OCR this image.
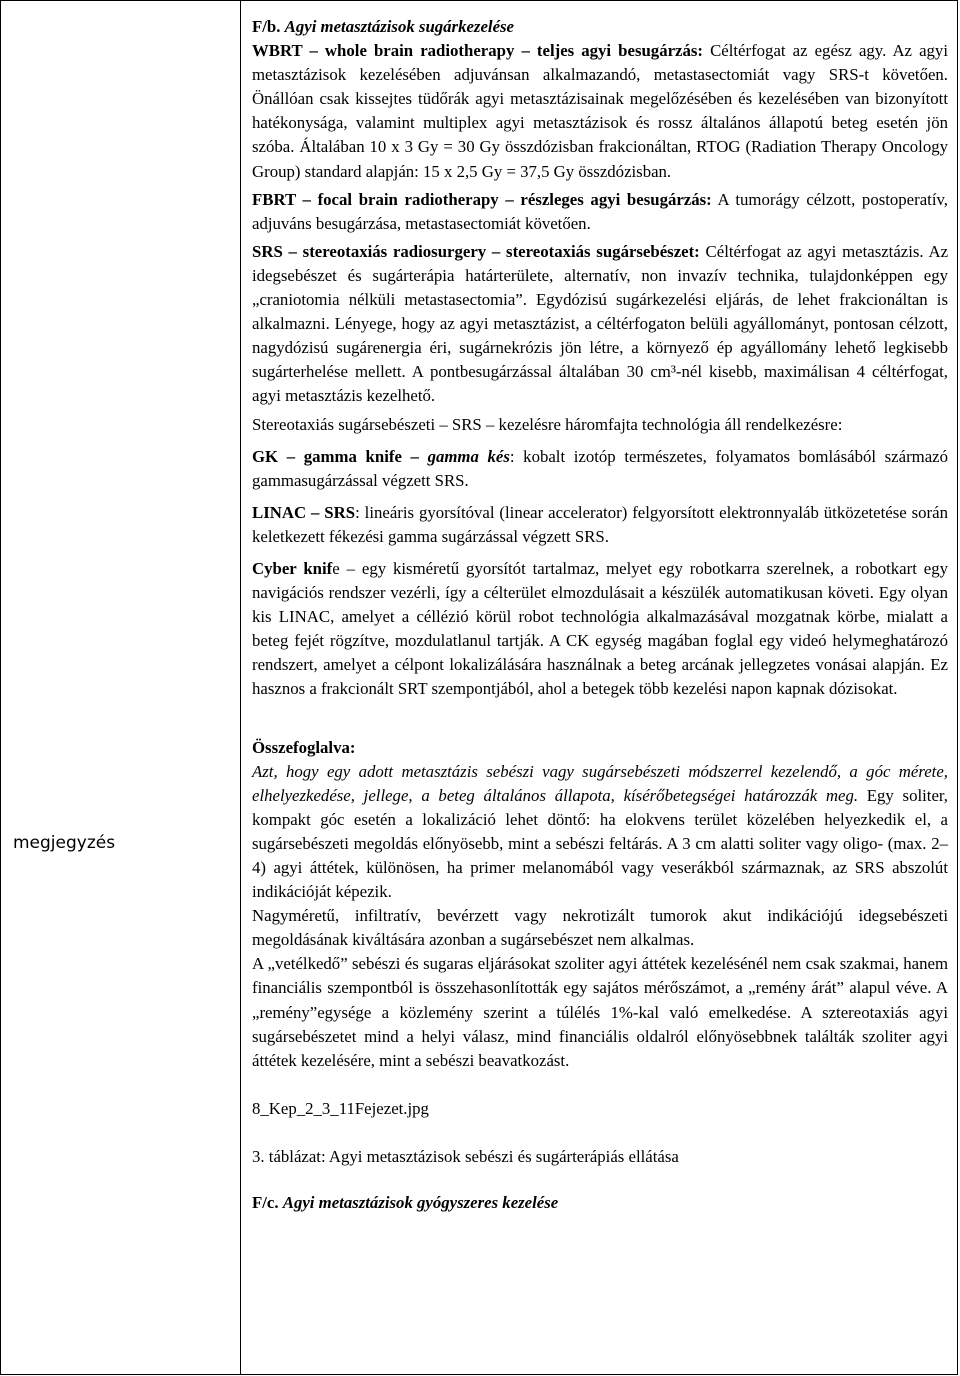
megjegyzés

F/b. Agyi metasztázisok sugárkezelése

WBRT – whole brain radiotherapy – teljes agyi besugárzás: Céltérfogat az egész agy. Az agyi metasztázisok kezelésében adjuvánsan alkalmazandó, metastasectomiát vagy SRS-t követően. Önállóan csak kissejtes tüdőrák agyi metasztázisainak megelőzésében és kezelésében van bizonyított hatékonysága, valamint multiplex agyi metasztázisok és rossz általános állapotú beteg esetén jön szóba. Általában 10 x 3 Gy = 30 Gy összdózisban frakcionáltan, RTOG (Radiation Therapy Oncology Group) standard alapján: 15 x 2,5 Gy = 37,5 Gy összdózisban.

FBRT – focal brain radiotherapy – részleges agyi besugárzás: A tumorágy célzott, postoperatív, adjuváns besugárzása, metastasectomiát követően.

SRS – stereotaxiás radiosurgery – stereotaxiás sugársebészet: Céltérfogat az agyi metasztázis. Az idegsebészet és sugárterápia határterülete, alternatív, non invazív technika, tulajdonképpen egy „craniotomia nélküli metastasectomia”. Egydózisú sugárkezelési eljárás, de lehet frakcionáltan is alkalmazni. Lényege, hogy az agyi metasztázist, a céltérfogaton belüli agyállományt, pontosan célzott, nagydózisú sugárenergia éri, sugárnekrózis jön létre, a környező ép agyállomány lehető legkisebb sugárterhelése mellett. A pontbesugárzással általában 30 cm³-nél kisebb, maximálisan 4 céltérfogat, agyi metasztázis kezelhető.

Stereotaxiás sugársebészeti – SRS – kezelésre háromfajta technológia áll rendelkezésre:

GK – gamma knife – gamma kés: kobalt izotóp természetes, folyamatos bomlásából származó gammasugárzással végzett SRS.

LINAC – SRS: lineáris gyorsítóval (linear accelerator) felgyorsított elektronnyaláb ütközetetése során keletkezett fékezési gamma sugárzással végzett SRS.

Cyber knife – egy kisméretű gyorsítót tartalmaz, melyet egy robotkarra szerelnek, a robotkart egy navigációs rendszer vezérli, így a célterület elmozdulásait a készülék automatikusan követi. Egy olyan kis LINAC, amelyet a céllézió körül robot technológia alkalmazásával mozgatnak körbe, mialatt a beteg fejét rögzítve, mozdulatlanul tartják. A CK egység magában foglal egy videó helymeghatározó rendszert, amelyet a célpont lokalizálására használnak a beteg arcának jellegzetes vonásai alapján. Ez hasznos a frakcionált SRT szempontjából, ahol a betegek több kezelési napon kapnak dózisokat.

Összefoglalva:

Azt, hogy egy adott metasztázis sebészi vagy sugársebészeti módszerrel kezelendő, a góc mérete, elhelyezkedése, jellege, a beteg általános állapota, kísérőbetegségei határozzák meg. Egy soliter, kompakt góc esetén a lokalizáció lehet döntő: ha elokvens terület közelében helyezkedik el, a sugársebészeti megoldás előnyösebb, mint a sebészi feltárás. A 3 cm alatti soliter vagy oligo- (max. 2–4) agyi áttétek, különösen, ha primer melanomából vagy veserákból származnak, az SRS abszolút indikációját képezik.

Nagyméretű, infiltratív, bevérzett vagy nekrotizált tumorok akut indikációjú idegsebészeti megoldásának kiváltására azonban a sugársebészet nem alkalmas.

A „vetélkedő” sebészi és sugaras eljárásokat szoliter agyi áttétek kezelésénél nem csak szakmai, hanem financiális szempontból is összehasonlították egy sajátos mérőszámot, a „remény árát” alapul véve. A „remény”egysége a közlemény szerint a túlélés 1%-kal való emelkedése. A sztereotaxiás agyi sugársebészetet mind a helyi válasz, mind financiális oldalról előnyösebbnek találták szoliter agyi áttétek kezelésére, mint a sebészi beavatkozást.

8_Kep_2_3_11Fejezet.jpg

3. táblázat: Agyi metasztázisok sebészi és sugárterápiás ellátása

F/c. Agyi metasztázisok gyógyszeres kezelése
